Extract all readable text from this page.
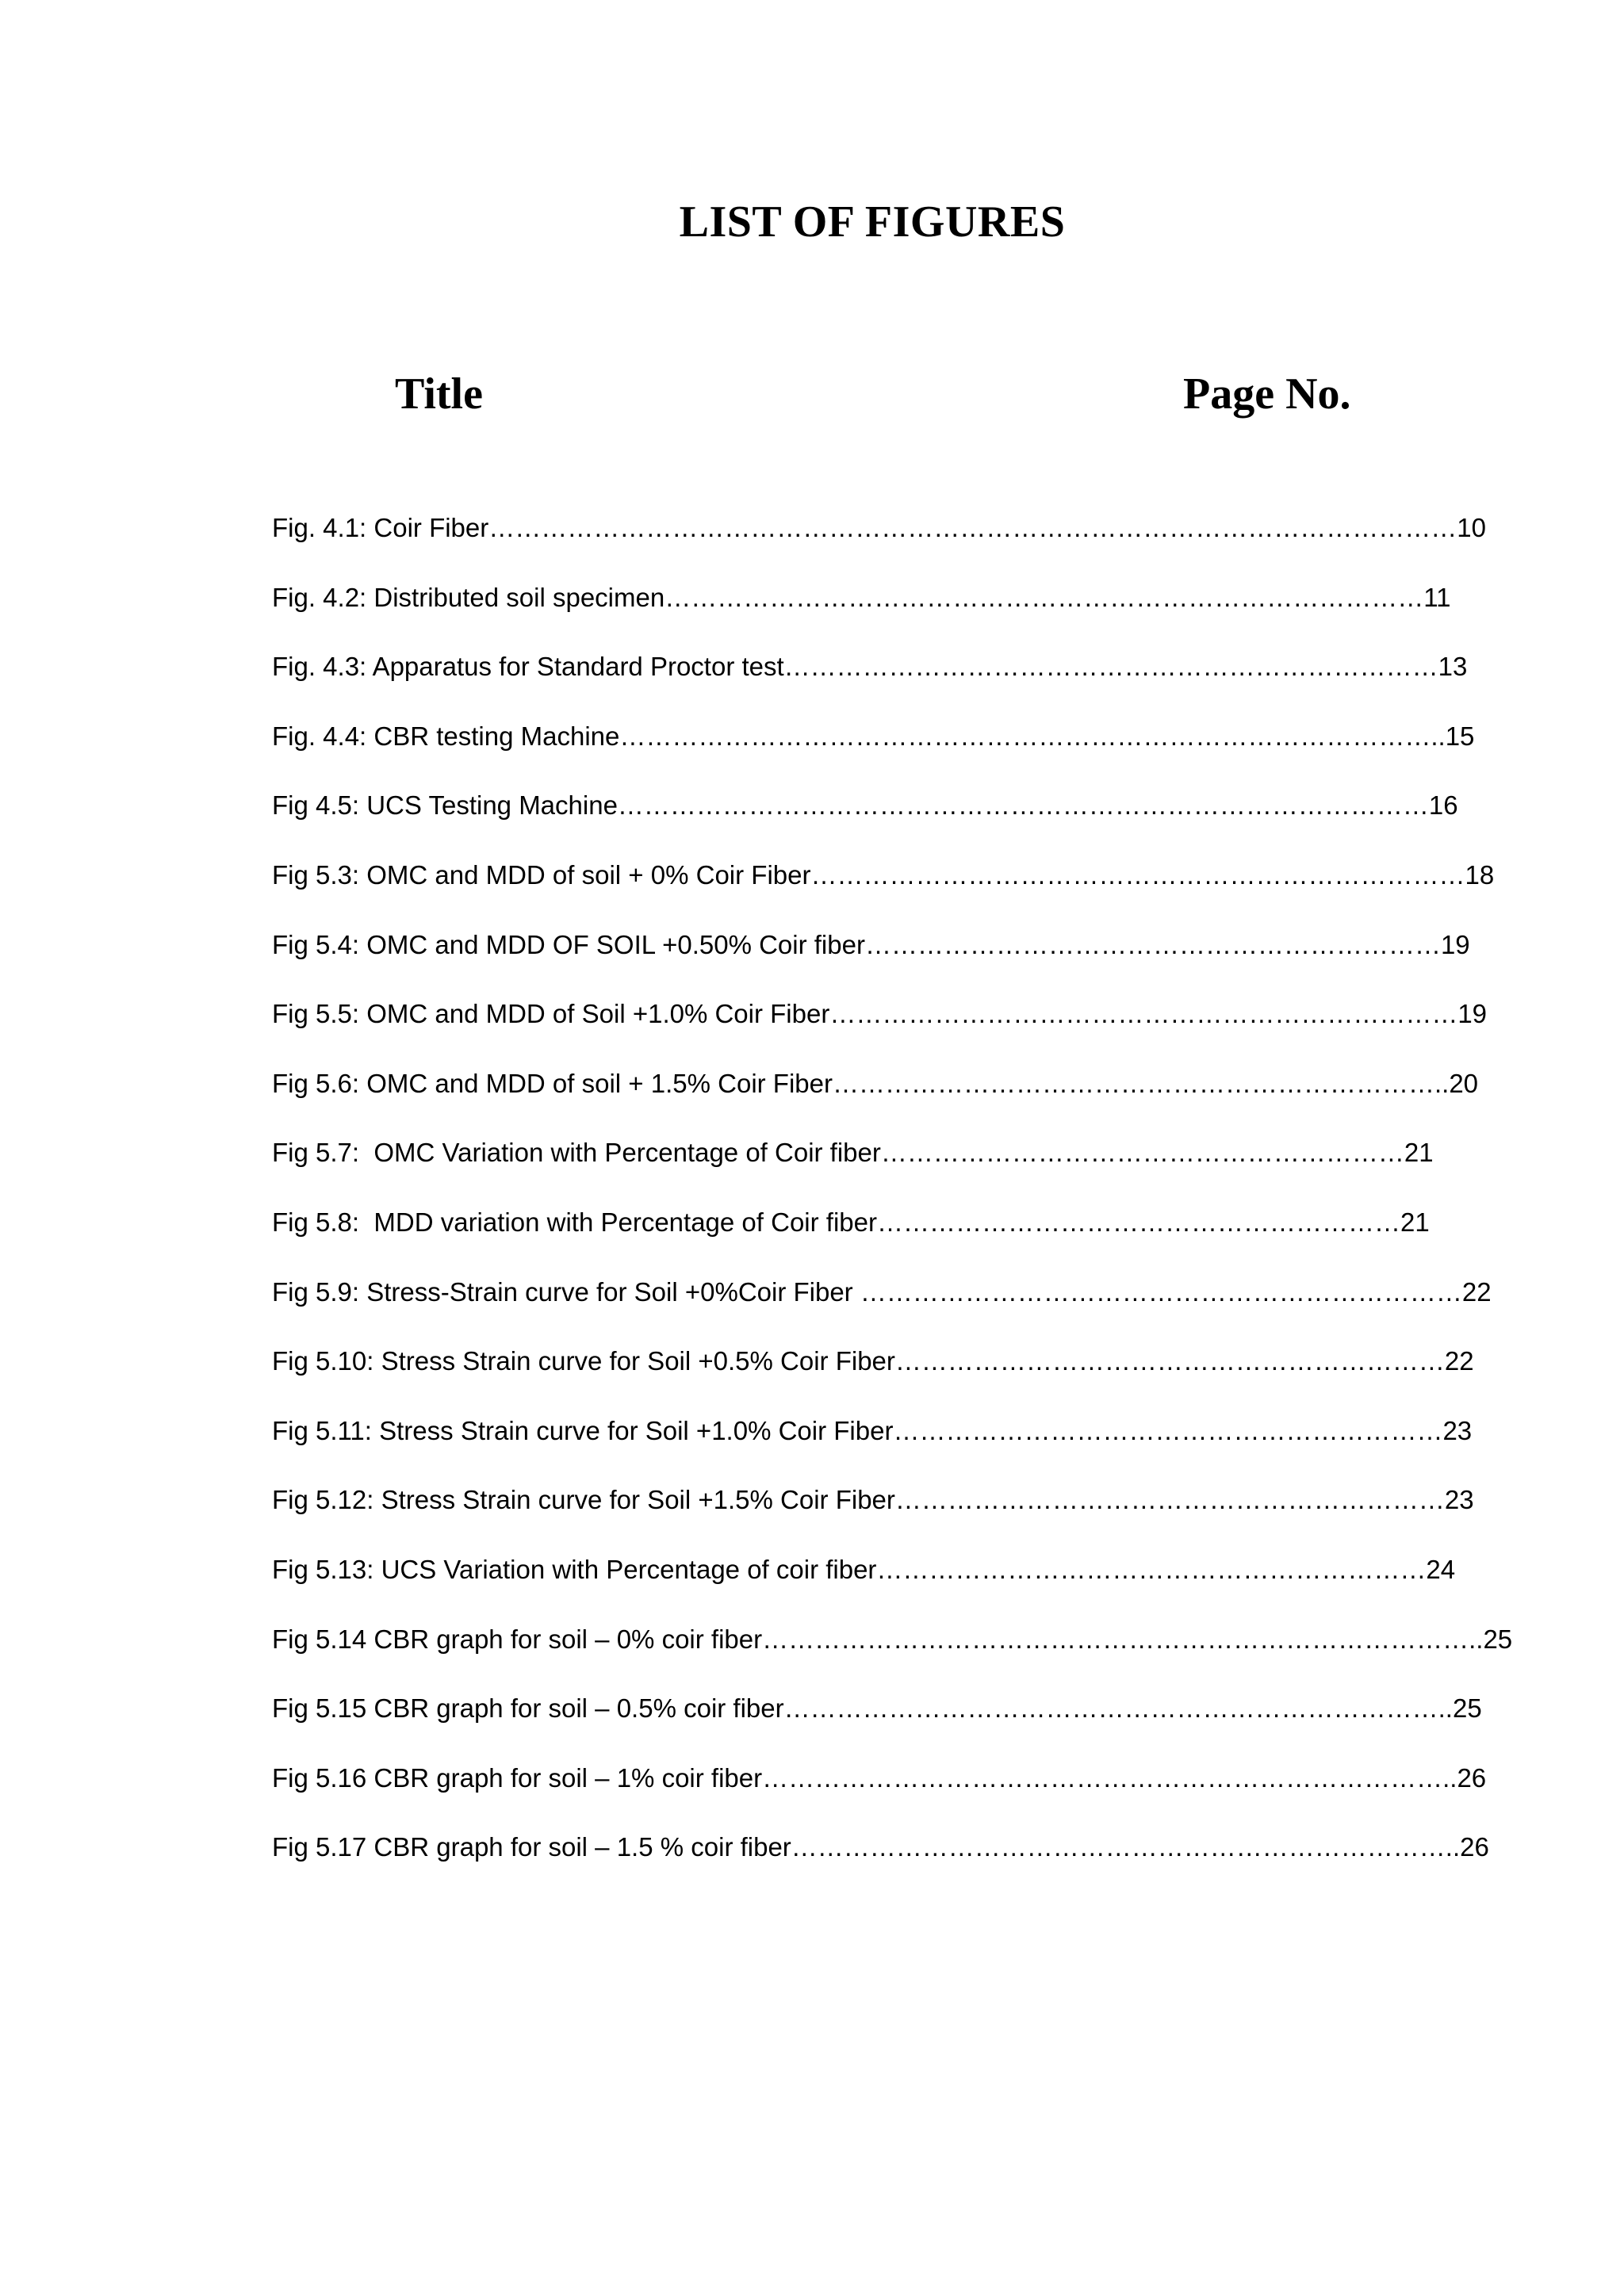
LIST OF FIGURES
Title	Page No.
Fig. 4.1: Coir Fiber…………………………………………………………………………………………………10
Fig. 4.2: Distributed soil specimen……………………………………………………………………………11
Fig. 4.3: Apparatus for Standard Proctor test…………………………………………………………………13
Fig. 4.4: CBR testing Machine…………………………………………………………………………………..15
Fig 4.5: UCS Testing Machine…………………………………………………………………………………16
Fig 5.3: OMC and MDD of soil + 0% Coir Fiber…………………………………………………………………18
Fig 5.4: OMC and MDD OF SOIL +0.50% Coir fiber…………………………………………………………19
Fig 5.5: OMC and MDD of Soil +1.0% Coir Fiber………………………………………………………………19
Fig 5.6: OMC and MDD of soil + 1.5% Coir Fiber……………………………………………………………..20
Fig 5.7:  OMC Variation with Percentage of Coir fiber……………………………………………………21
Fig 5.8:  MDD variation with Percentage of Coir fiber……………………………………………………21
Fig 5.9: Stress-Strain curve for Soil +0%Coir Fiber ……………………………………………………………22
Fig 5.10: Stress Strain curve for Soil +0.5% Coir Fiber………………………………………………………22
Fig 5.11: Stress Strain curve for Soil +1.0% Coir Fiber………………………………………………………23
Fig 5.12: Stress Strain curve for Soil +1.5% Coir Fiber………………………………………………………23
Fig 5.13: UCS Variation with Percentage of coir fiber………………………………………………………24
Fig 5.14 CBR graph for soil – 0% coir fiber………………………………………………………………………..25
Fig 5.15 CBR graph for soil – 0.5% coir fiber…………………………………………………………………..25
Fig 5.16 CBR graph for soil – 1% coir fiber……………………………………………………………………..26
Fig 5.17 CBR graph for soil – 1.5 % coir fiber…………………………………………………………………..26
